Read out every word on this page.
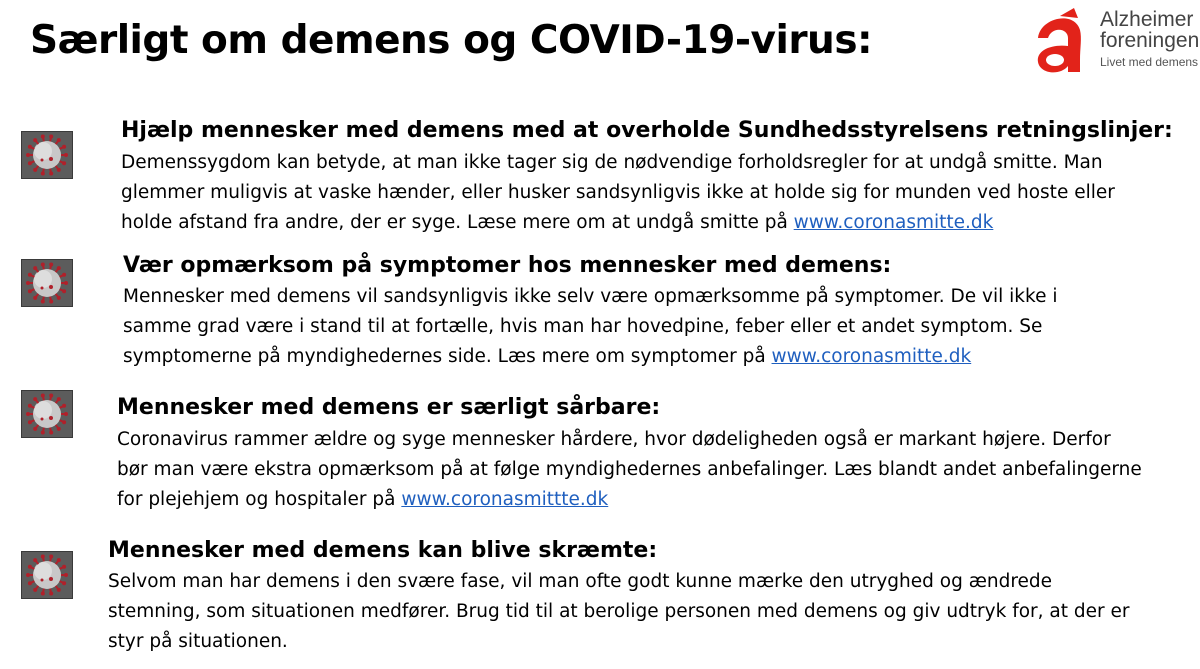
Særligt om demens og COVID-19-virus:	Alzheimer
foreningen
Livet med demens
Hjælp mennesker med demens med at overholde Sundhedsstyrelsens retningslinjer:
Demenssygdom kan betyde, at man ikke tager sig de nødvendige forholdsregler for at undgå smitte. Man
glemmer muligvis at vaske hænder, eller husker sandsynligvis ikke at holde sig for munden ved hoste eller
holde afstand fra andre, der er syge. Læse mere om at undgå smitte på www.coronasmitte.dk
Vær opmærksom på symptomer hos mennesker med demens:
Mennesker med demens vil sandsynligvis ikke selv være opmærksomme på symptomer. De vil ikke i
samme grad være i stand til at fortælle, hvis man har hovedpine, feber eller et andet symptom. Se
symptomerne på myndighedernes side. Læs mere om symptomer på www.coronasmitte.dk
Mennesker med demens er særligt sårbare:
Coronavirus rammer ældre og syge mennesker hårdere, hvor dødeligheden også er markant højere. Derfor
bør man være ekstra opmærksom på at følge myndighedernes anbefalinger. Læs blandt andet anbefalingerne
for plejehjem og hospitaler på www.coronasmittte.dk
Mennesker med demens kan blive skræmte:
Selvom man har demens i den svære fase, vil man ofte godt kunne mærke den utryghed og ændrede
stemning, som situationen medfører. Brug tid til at berolige personen med demens og giv udtryk for, at der er
styr på situationen.
